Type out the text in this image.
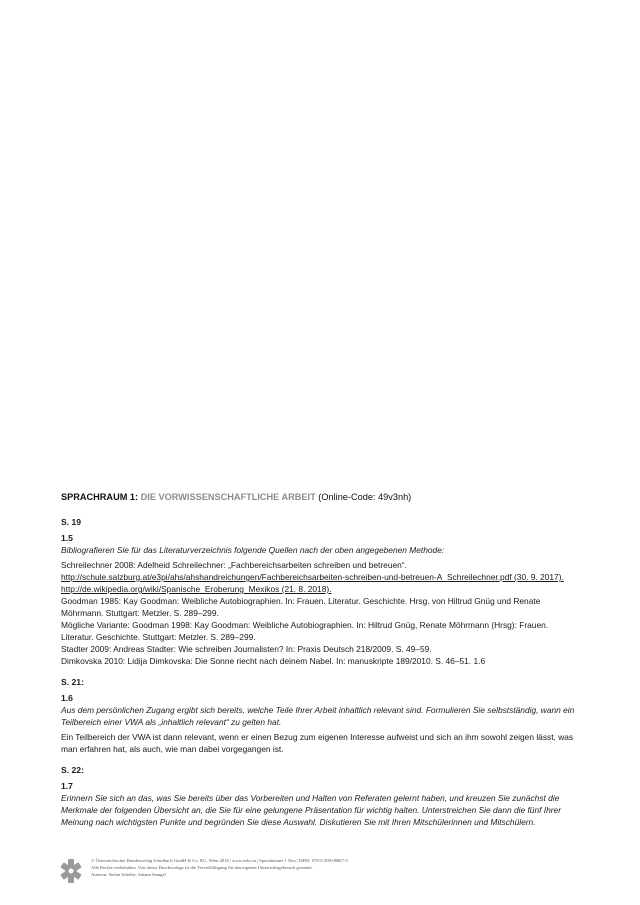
SPRACHRAUM 1: DIE VORWISSENSCHAFTLICHE ARBEIT (Online-Code: 49v3nh)

S. 19

1.5

Bibliografieren Sie für das Literaturverzeichnis folgende Quellen nach der oben angegebenen Methode:

Schreilechner 2008: Adelheid Schreilechner: „Fachbereichsarbeiten schreiben und betreuen“. http://schule.salzburg.at/e3pi/ahs/ahshandreichungen/Fachbereichsarbeiten-schreiben-und-betreuen-A_Schreilechner.pdf (30. 9. 2017).
http://de.wikipedia.org/wiki/Spanische_Eroberung_Mexikos (21. 8. 2018).

Goodman 1985: Kay Goodman: Weibliche Autobiographien. In: Frauen. Literatur. Geschichte. Hrsg. von Hiltrud Gnüg und Renate Möhrmann. Stuttgart: Metzler. S. 289–299.

Mögliche Variante: Goodman 1998: Kay Goodman: Weibliche Autobiographien. In: Hiltrud Gnüg, Renate Möhrmann (Hrsg): Frauen. Literatur. Geschichte. Stuttgart: Metzler. S. 289–299.

Stadter 2009: Andreas Stadter: Wie schreiben Journalisten? In: Praxis Deutsch 218/2009. S. 49–59.

Dimkovska 2010: Lidija Dimkovska: Die Sonne riecht nach deinem Nabel. In: manuskripte 189/2010. S. 46–51. 1.6

S. 21:

1.6

Aus dem persönlichen Zugang ergibt sich bereits, welche Teile Ihrer Arbeit inhaltlich relevant sind. Formulieren Sie selbstständig, wann ein Teilbereich einer VWA als „inhaltlich relevant“ zu gelten hat.

Ein Teilbereich der VWA ist dann relevant, wenn er einen Bezug zum eigenen Interesse aufweist und sich an ihm sowohl zeigen lässt, was man erfahren hat, als auch, wie man dabei vorgegangen ist.

S. 22:

1.7

Erinnern Sie sich an das, was Sie bereits über das Vorbereiten und Halten von Referaten gelernt haben, und kreuzen Sie zunächst die Merkmale der folgenden Übersicht an, die Sie für eine gelungene Präsentation für wichtig halten. Unterstreichen Sie dann die fünf Ihrer Meinung nach wichtigsten Punkte und begründen Sie diese Auswahl. Diskutieren Sie mit Ihren Mitschülerinnen und Mitschülern.

© Österreichischer Bundesverlag Schulbuch GmbH & Co. KG, Wien 2018 | www.oebv.at | Sprachräume 1 Neu | ISBN: 978-3-209-08867-3
Alle Rechte vorbehalten. Von dieser Druckvorlage ist die Vervielfältigung für den eigenen Unterrichtsgebrauch gestattet.
Autoren: Stefan Schäfer; Johann Stangel
